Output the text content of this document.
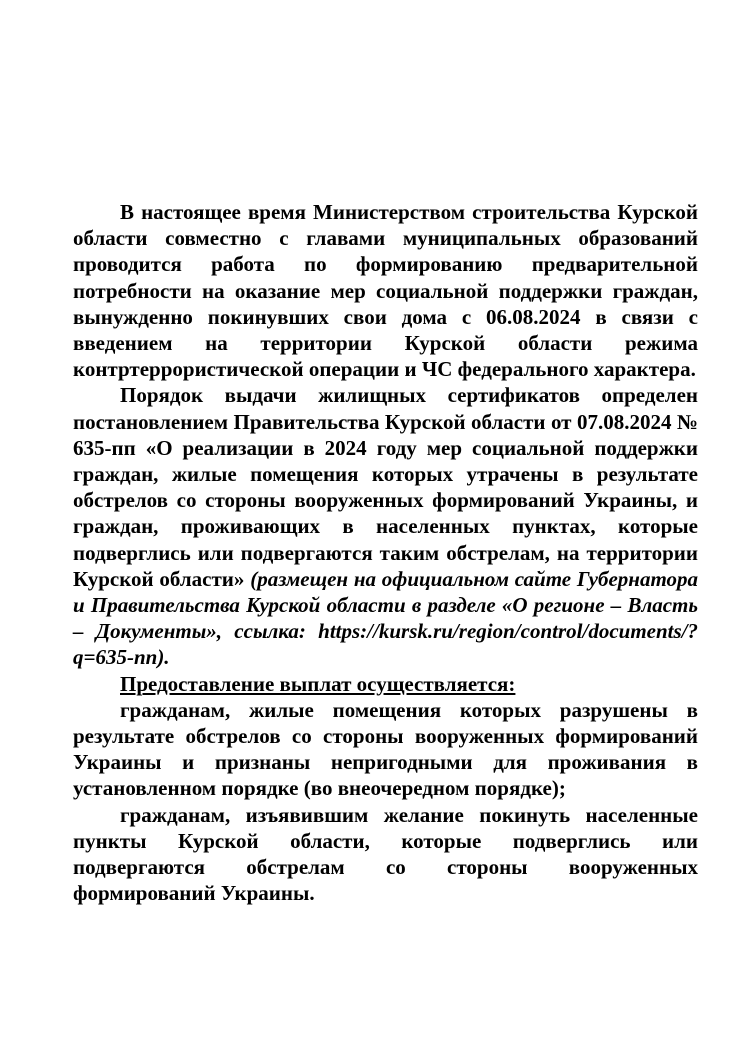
В настоящее время Министерством строительства Курской области совместно с главами муниципальных образований проводится работа по формированию предварительной потребности на оказание мер социальной поддержки граждан, вынужденно покинувших свои дома с 06.08.2024 в связи с введением на территории Курской области режима контртеррористической операции и ЧС федерального характера.

Порядок выдачи жилищных сертификатов определен постановлением Правительства Курской области от 07.08.2024 № 635-пп «О реализации в 2024 году мер социальной поддержки граждан, жилые помещения которых утрачены в результате обстрелов со стороны вооруженных формирований Украины, и граждан, проживающих в населенных пунктах, которые подверглись или подвергаются таким обстрелам, на территории Курской области» (размещен на официальном сайте Губернатора и Правительства Курской области в разделе «О регионе – Власть – Документы», ссылка: https://kursk.ru/region/control/documents/?q=635-пп).

Предоставление выплат осуществляется:

гражданам, жилые помещения которых разрушены в результате обстрелов со стороны вооруженных формирований Украины и признаны непригодными для проживания в установленном порядке (во внеочередном порядке);

гражданам, изъявившим желание покинуть населенные пункты Курской области, которые подверглись или подвергаются обстрелам со стороны вооруженных формирований Украины.
